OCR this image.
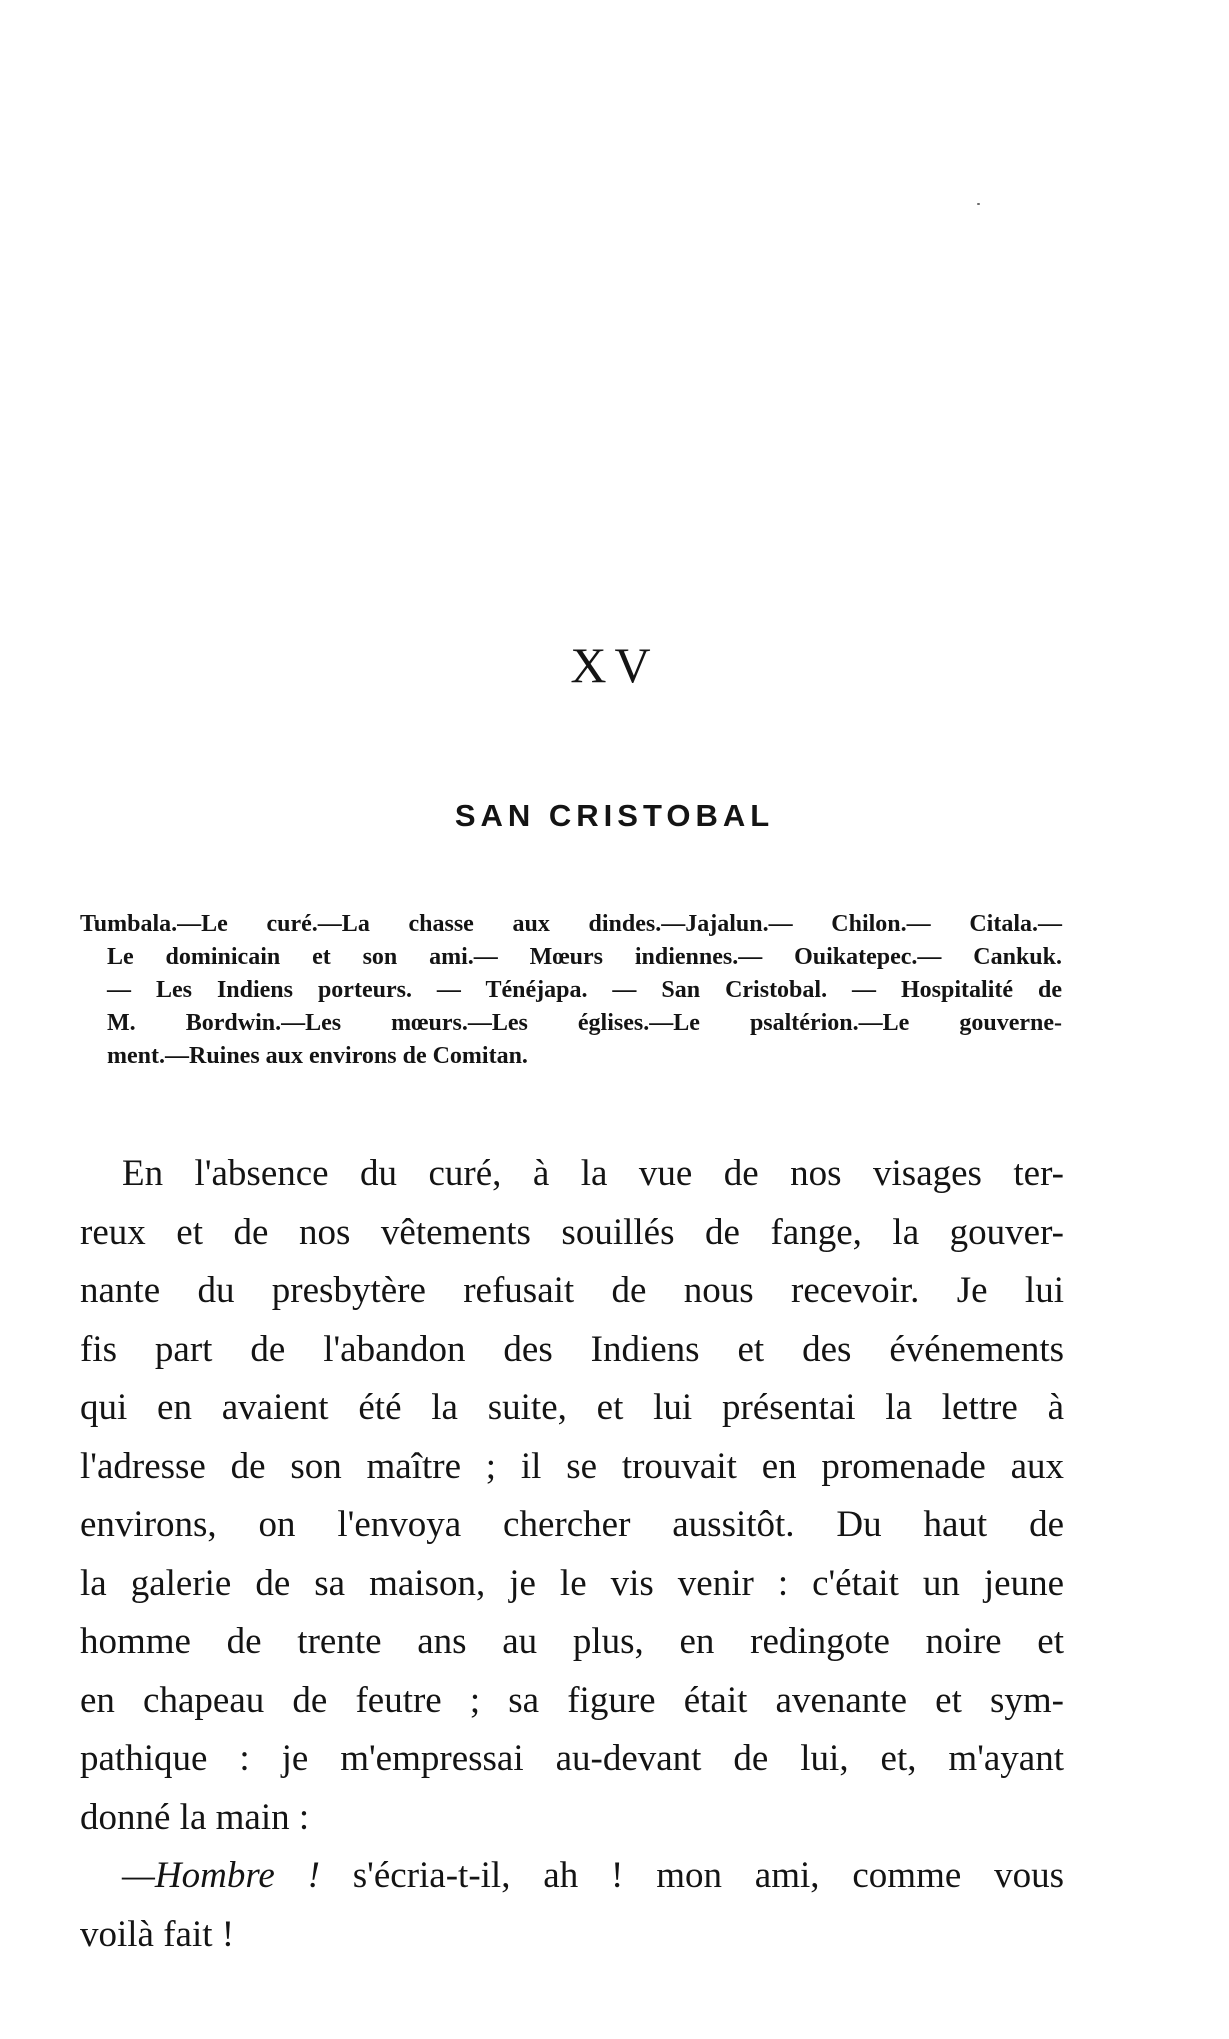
XV
SAN CRISTOBAL

Tumbala.—Le curé.—La chasse aux dindes.—Jajalun.— Chilon.— Citala.—
Le dominicain et son ami.— Mœurs indiennes.— Ouikatepec.— Cankuk.
— Les Indiens porteurs. — Ténéjapa. — San Cristobal. — Hospitalité de
M. Bordwin.—Les mœurs.—Les églises.—Le psaltérion.—Le gouverne-
ment.—Ruines aux environs de Comitan.

En l'absence du curé, à la vue de nos visages ter-
reux et de nos vêtements souillés de fange, la gouver-
nante du presbytère refusait de nous recevoir. Je lui
fis part de l'abandon des Indiens et des événements
qui en avaient été la suite, et lui présentai la lettre à
l'adresse de son maître ; il se trouvait en promenade aux
environs, on l'envoya chercher aussitôt. Du haut de
la galerie de sa maison, je le vis venir : c'était un jeune
homme de trente ans au plus, en redingote noire et
en chapeau de feutre ; sa figure était avenante et sym-
pathique : je m'empressai au-devant de lui, et, m'ayant
donné la main :
—Hombre ! s'écria-t-il, ah ! mon ami, comme vous
voilà fait !
